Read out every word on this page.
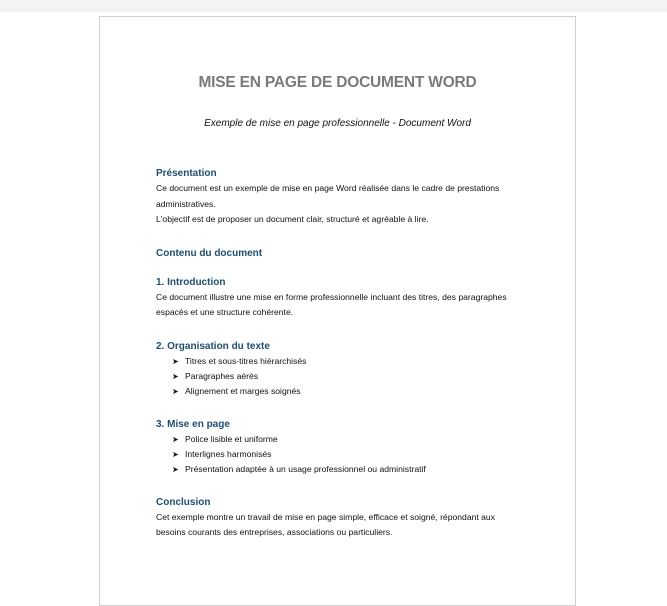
MISE EN PAGE DE DOCUMENT WORD
Exemple de mise en page professionnelle - Document Word

Présentation

Ce document est un exemple de mise en page Word réalisée dans le cadre de prestations

administratives.

L'objectif est de proposer un document clair, structuré et agréable à lire.

Contenu du document

1. Introduction

Ce document illustre une mise en forme professionnelle incluant des titres, des paragraphes

espacés et une structure cohérente.

2. Organisation du texte

➤ Titres et sous-titres hiérarchisés
➤ Paragraphes aérés
➤ Alignement et marges soignés

3. Mise en page

➤ Police lisible et uniforme
➤ Interlignes harmonisés
➤ Présentation adaptée à un usage professionnel ou administratif

Conclusion

Cet exemple montre un travail de mise en page simple, efficace et soigné, répondant aux

besoins courants des entreprises, associations ou particuliers.
